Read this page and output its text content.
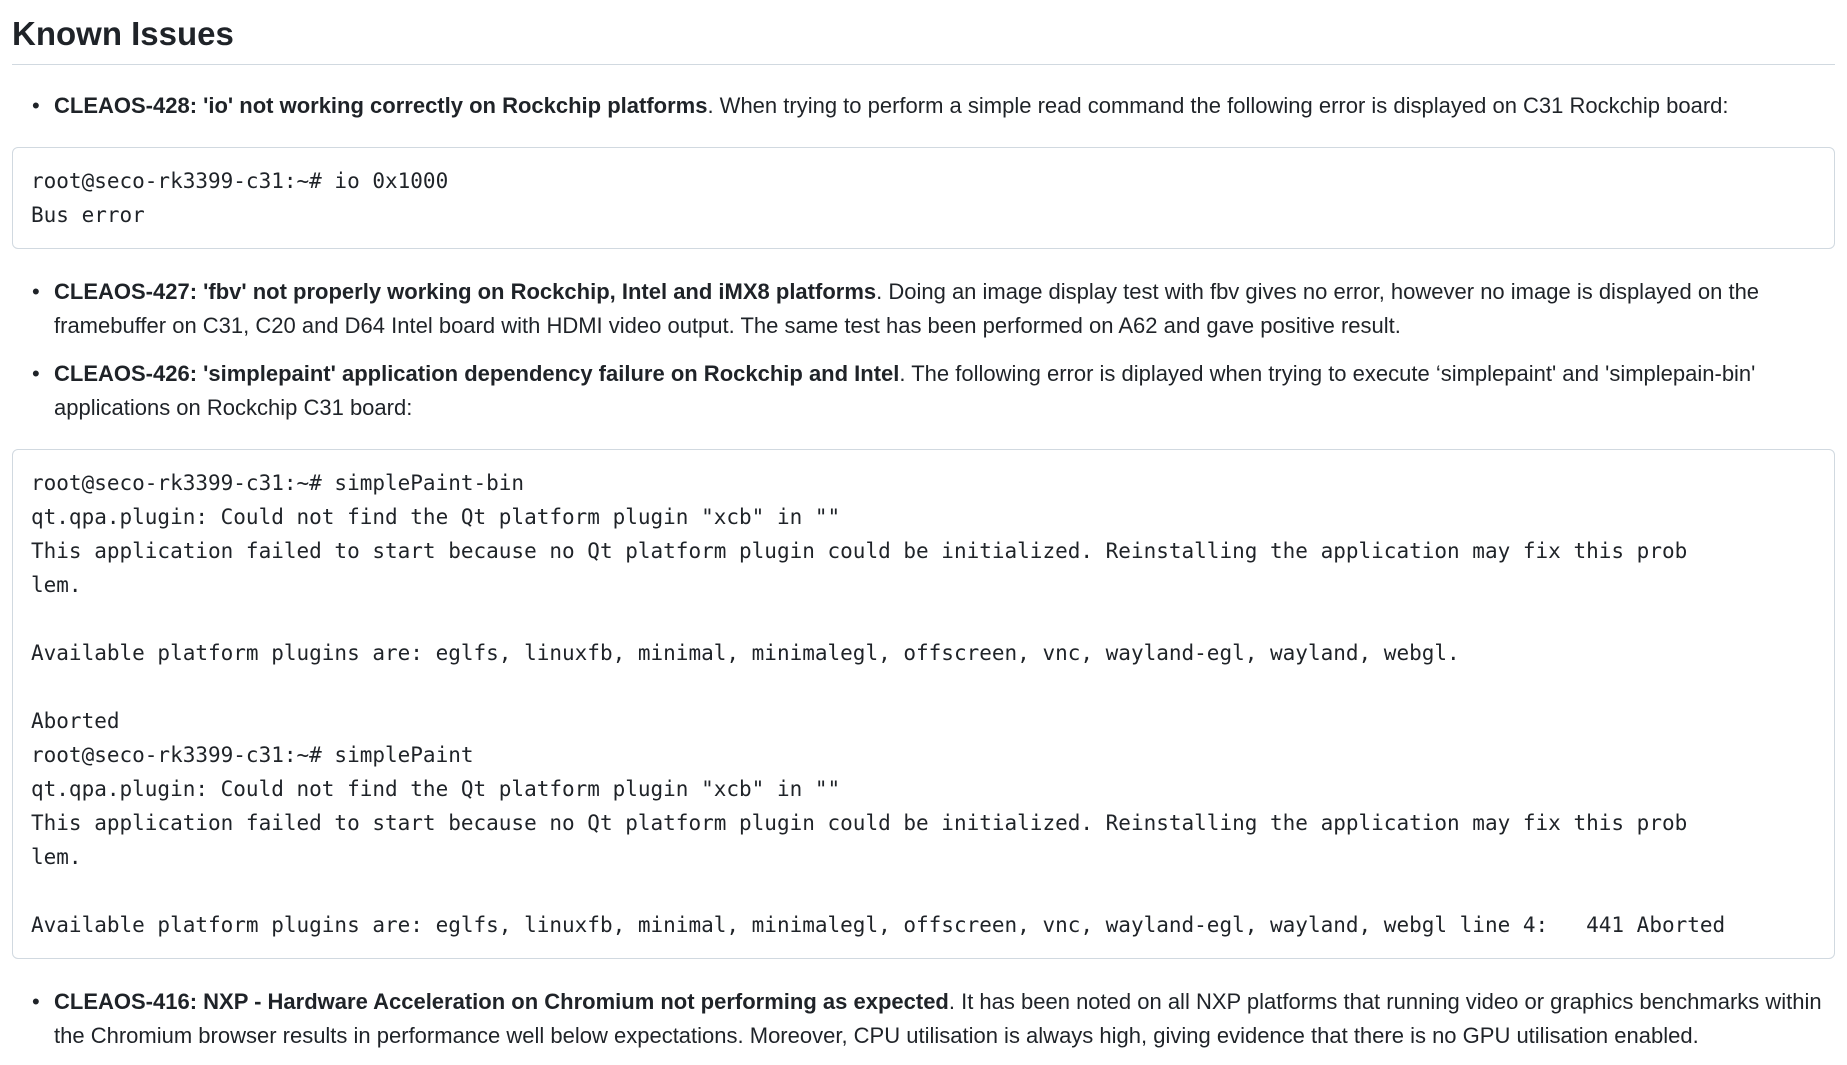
Known Issues
• CLEAOS-428: 'io' not working correctly on Rockchip platforms. When trying to perform a simple read command the following error is displayed on C31 Rockchip board:
root@seco-rk3399-c31:~# io 0x1000
Bus error
• CLEAOS-427: 'fbv' not properly working on Rockchip, Intel and iMX8 platforms. Doing an image display test with fbv gives no error, however no image is displayed on the framebuffer on C31, C20 and D64 Intel board with HDMI video output. The same test has been performed on A62 and gave positive result.
• CLEAOS-426: 'simplepaint' application dependency failure on Rockchip and Intel. The following error is diplayed when trying to execute ‘simplepaint' and 'simplepain-bin' applications on Rockchip C31 board:
root@seco-rk3399-c31:~# simplePaint-bin
qt.qpa.plugin: Could not find the Qt platform plugin "xcb" in ""
This application failed to start because no Qt platform plugin could be initialized. Reinstalling the application may fix this prob
lem.

Available platform plugins are: eglfs, linuxfb, minimal, minimalegl, offscreen, vnc, wayland-egl, wayland, webgl.

Aborted
root@seco-rk3399-c31:~# simplePaint
qt.qpa.plugin: Could not find the Qt platform plugin "xcb" in ""
This application failed to start because no Qt platform plugin could be initialized. Reinstalling the application may fix this prob
lem.

Available platform plugins are: eglfs, linuxfb, minimal, minimalegl, offscreen, vnc, wayland-egl, wayland, webgl line 4:   441 Aborted
• CLEAOS-416: NXP - Hardware Acceleration on Chromium not performing as expected. It has been noted on all NXP platforms that running video or graphics benchmarks within the Chromium browser results in performance well below expectations. Moreover, CPU utilisation is always high, giving evidence that there is no GPU utilisation enabled.
